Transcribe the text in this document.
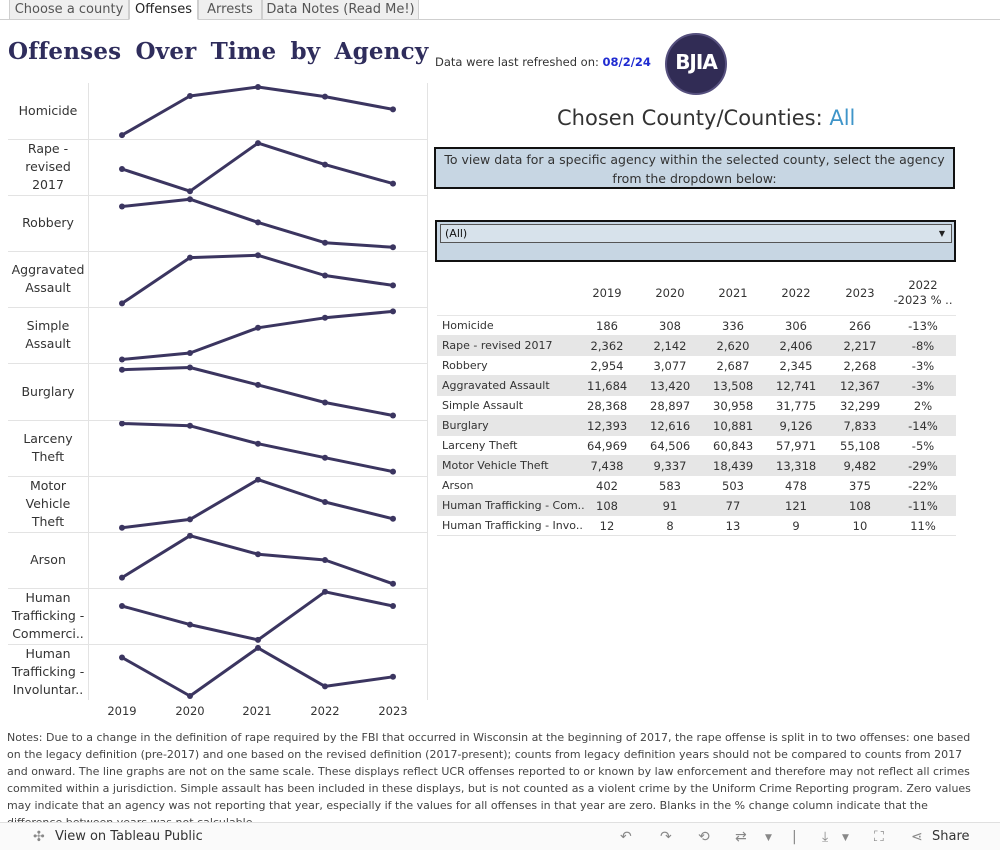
Choose a county Offenses	Arrests	Data Notes (Read Me!)
Offenses Over Time by Agency Data were last refreshed on: 08/2/24	BJIA
Chosen County/Counties: All
To view data for a specific agency within the selected county, select the agency from the dropdown below:
(All)	▼
Homicide
Rape -
revised
2017
Robbery
Aggravated
Assault
Simple
Assault
Burglary
Larceny
Theft
Motor
Vehicle
Theft
Arson
Human
Trafficking -
Commerci..
Human
Trafficking -
Involuntar..
2019	2020	2021	2022	2023
2019	2020	2021	2022	2023
2022
-2023 % ..
Homicide	186	308	336	306	266	-13%
Rape - revised 2017	2,362	2,142	2,620	2,406	2,217	-8%
Robbery	2,954	3,077	2,687	2,345	2,268	-3%
Aggravated Assault	11,684 13,420 13,508 12,741 12,367	-3%
Simple Assault	28,368 28,897 30,958 31,775 32,299	2%
Burglary	12,393 12,616 10,881	9,126	7,833	-14%
Larceny Theft	64,969 64,506 60,843 57,971 55,108	-5%
Motor Vehicle Theft	7,438	9,337	18,439 13,318	9,482	-29%
Arson	402	583	503	478	375	-22%
Human Trafficking - Com.. 108	91	77	121	108	-11%
Human Trafficking - Invo..	12	8	13	9	10	11%
Notes: Due to a change in the definition of rape required by the FBI that occurred in Wisconsin at the beginning of 2017, the rape offense is split in to two offenses: one based on the legacy definition (pre-2017) and one based on the revised definition (2017-present); counts from legacy definition years should not be compared to counts from 2017 and onward. The line graphs are not on the same scale. These displays reflect UCR offenses reported to or known by law enforcement and therefore may not reflect all crimes commited within a jurisdiction. Simple assault has been included in these displays, but is not counted as a violent crime by the Uniform Crime Reporting program. Zero values may indicate that an agency was not reporting that year, especially if the values for all offenses in that year are zero. Blanks in the % change column indicate that the
✣ View on Tableau Public	↶ ↷ ⟲ ⇄ ▼ | ⤓ ▼ ⛶ ⋖ Share
